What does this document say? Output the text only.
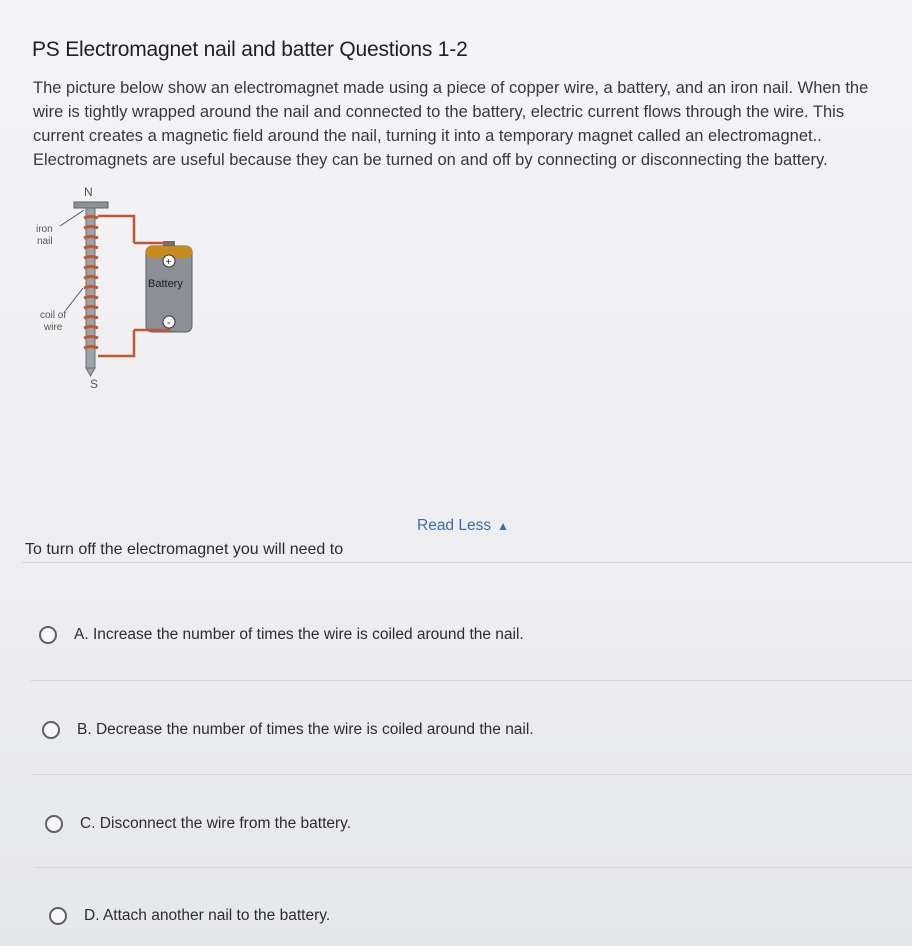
PS Electromagnet nail and batter Questions 1-2
The picture below show an electromagnet made using a piece of copper wire, a battery, and an iron nail. When the wire is tightly wrapped around the nail and connected to the battery, electric current flows through the wire. This current creates a magnetic field around the nail, turning it into a temporary magnet called an electromagnet.. Electromagnets are useful because they can be turned on and off by connecting or disconnecting the battery.
N
+
Battery
-
iron
nail
coil of
wire
S
Read Less ▲
To turn off the electromagnet you will need to
A. Increase the number of times the wire is coiled around the nail.
B. Decrease the number of times the wire is coiled around the nail.
C. Disconnect the wire from the battery.
D. Attach another nail to the battery.
